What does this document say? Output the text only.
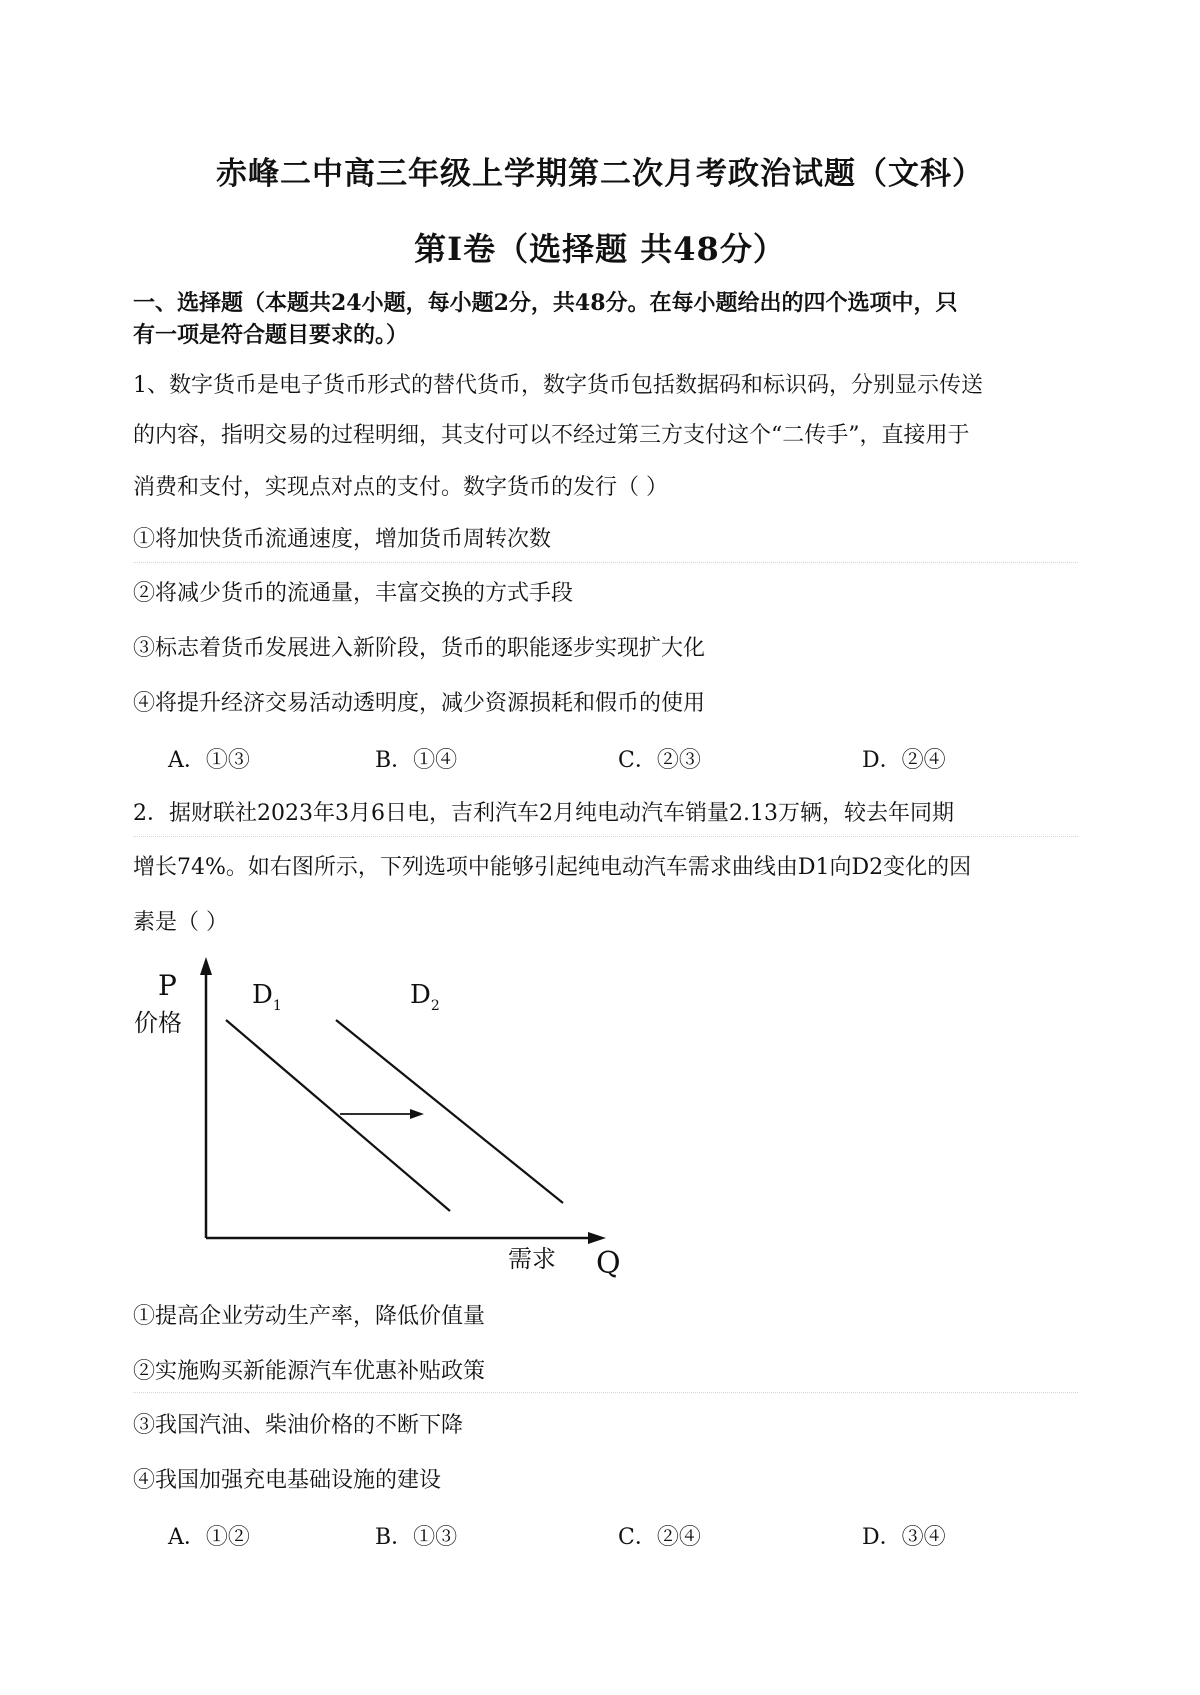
赤峰二中高三年级上学期第二次月考政治试题（文科）
第Ⅰ卷（选择题 共48分）
一、选择题（本题共24小题，每小题2分，共48分。在每小题给出的四个选项中，只
有一项是符合题目要求的。）
1、数字货币是电子货币形式的替代货币，数字货币包括数据码和标识码，分别显示传送
的内容，指明交易的过程明细，其支付可以不经过第三方支付这个“二传手”，直接用于
消费和支付，实现点对点的支付。数字货币的发行（ ）
①将加快货币流通速度，增加货币周转次数
②将减少货币的流通量，丰富交换的方式手段
③标志着货币发展进入新阶段，货币的职能逐步实现扩大化
④将提升经济交易活动透明度，减少资源损耗和假币的使用
A．①③	B．①④	C．②③	D．②④
2．据财联社2023年3月6日电，吉利汽车2月纯电动汽车销量2.13万辆，较去年同期
增长74%。如右图所示，下列选项中能够引起纯电动汽车需求曲线由D1向D2变化的因
素是（ ）
P
价格
需求 Q
$D_1$	$D_2$
①提高企业劳动生产率，降低价值量
②实施购买新能源汽车优惠补贴政策
③我国汽油、柴油价格的不断下降
④我国加强充电基础设施的建设
A．①②	B．①③	C．②④	D．③④
